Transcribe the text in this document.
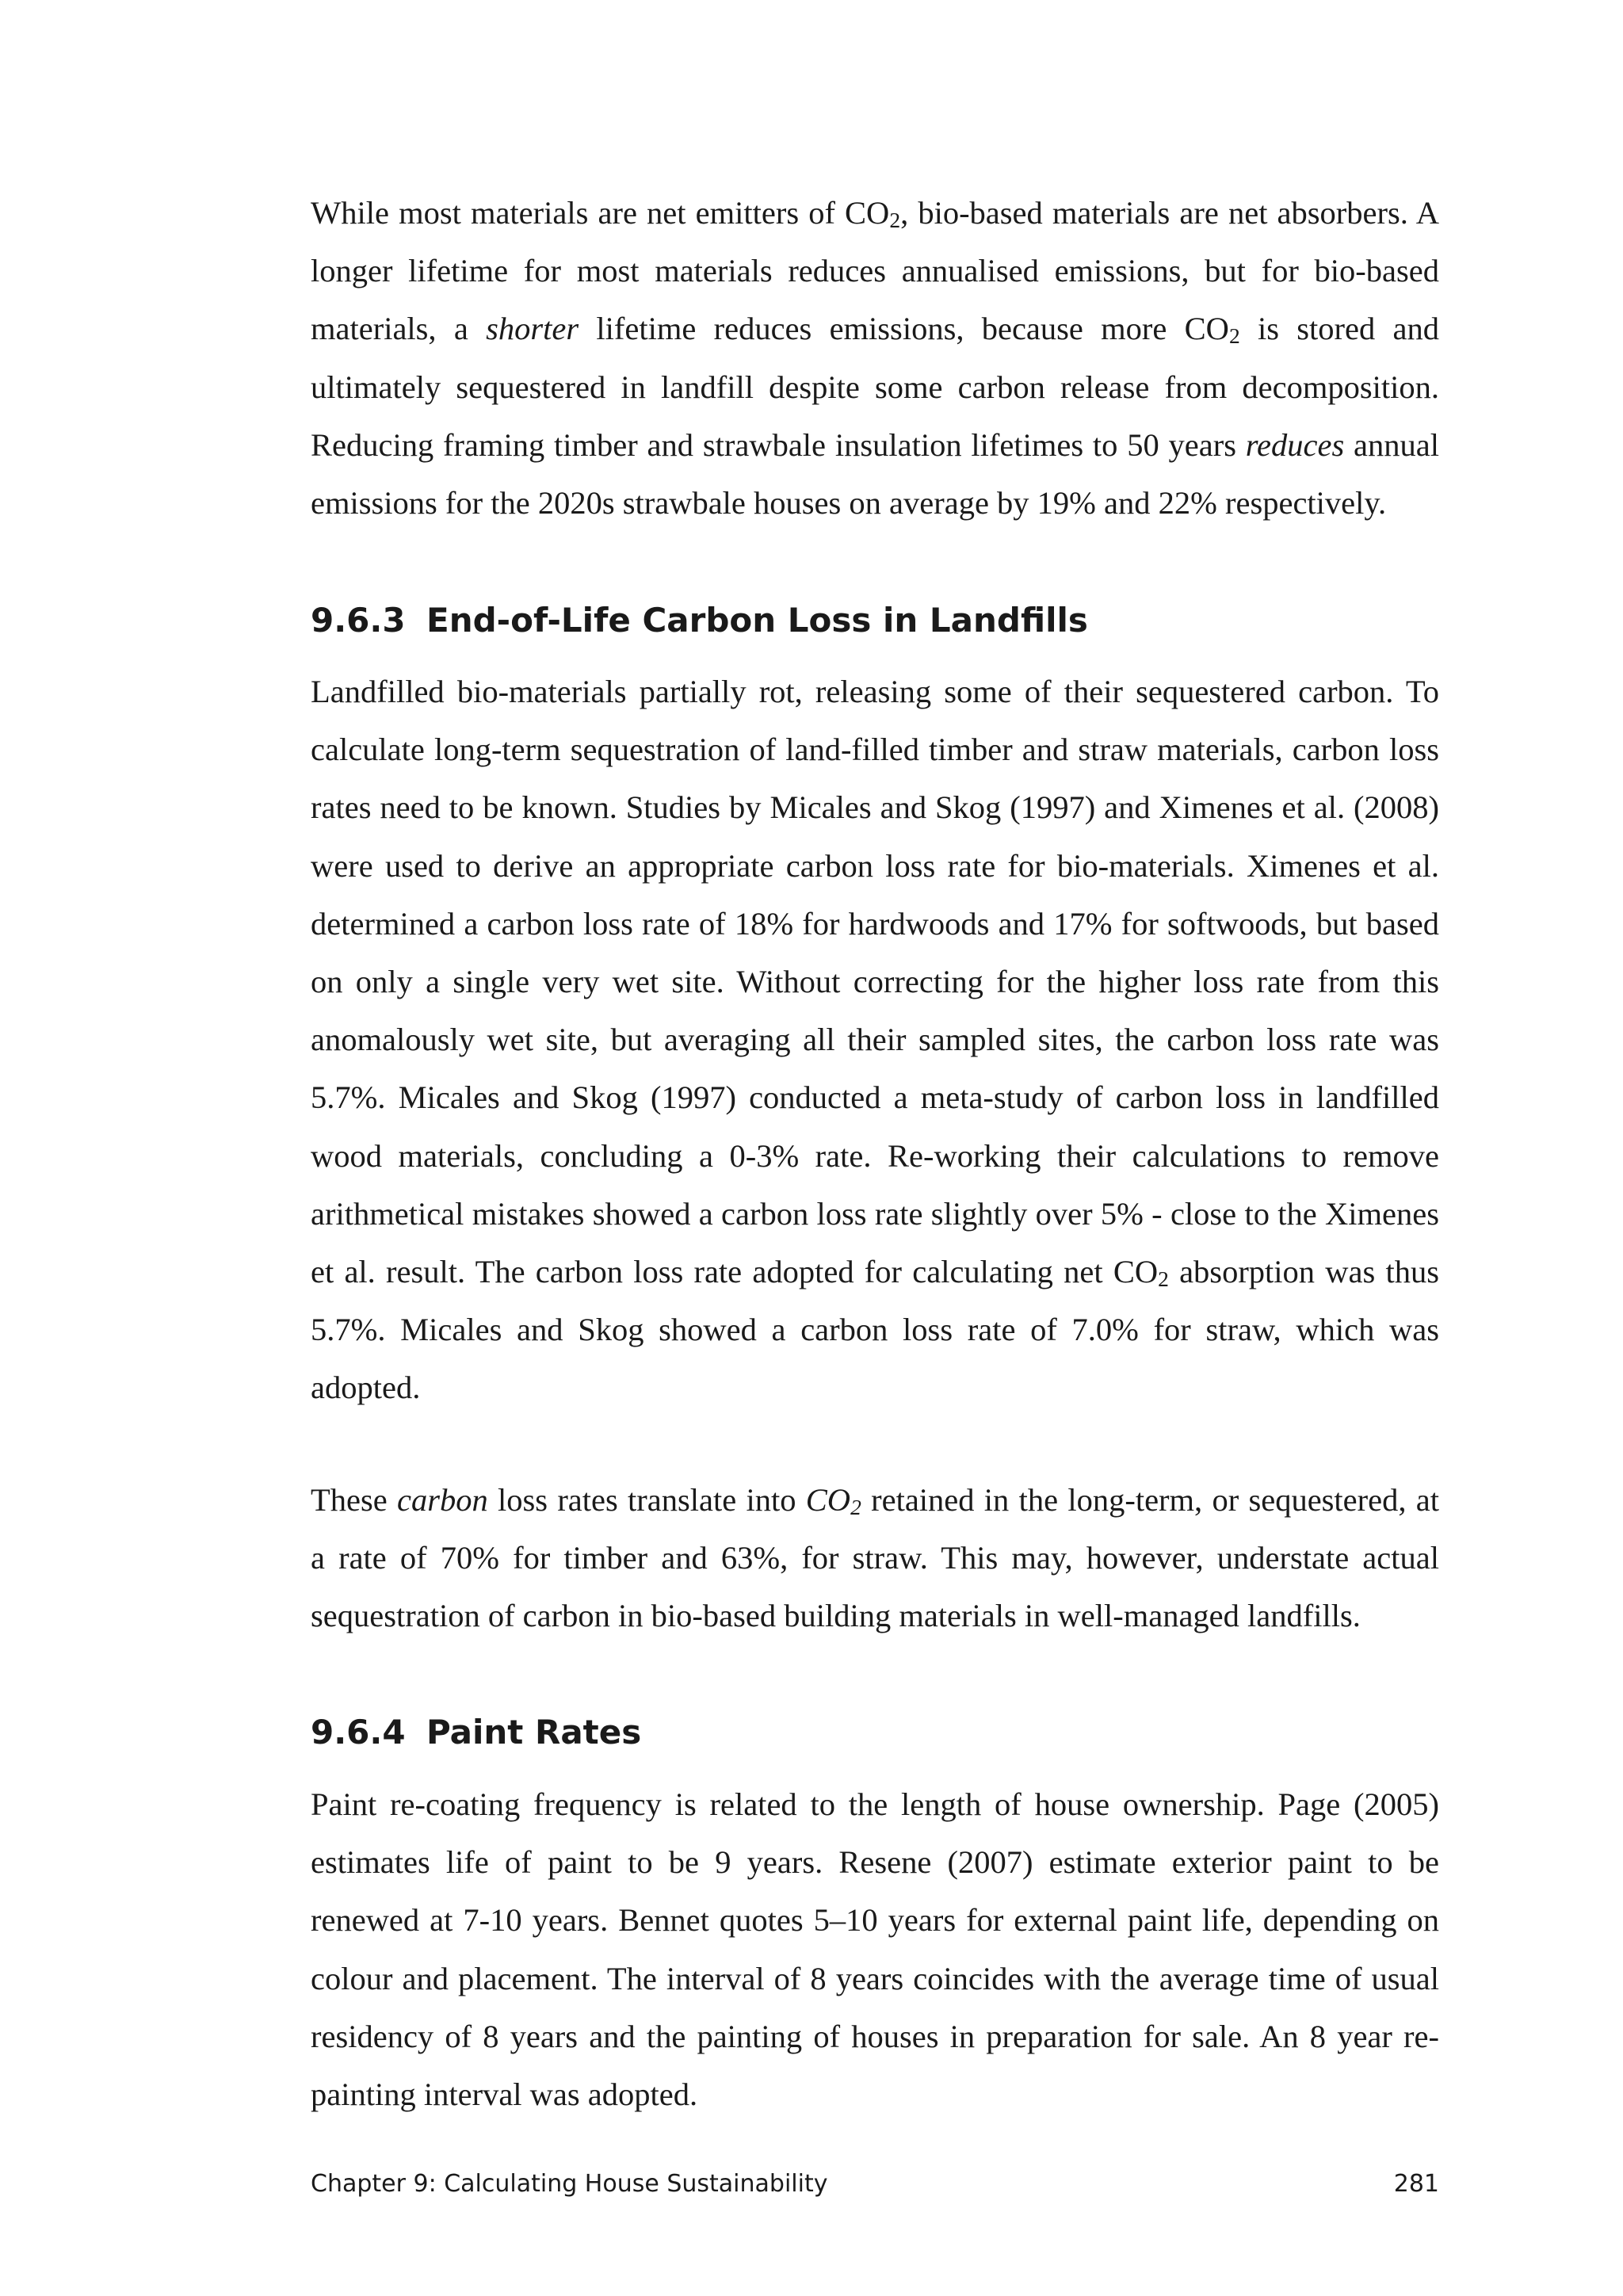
While most materials are net emitters of $CO_2$, bio-based materials are net absorbers. A longer lifetime for most materials reduces annualised emissions, but for bio-based materials, a shorter lifetime reduces emissions, because more $CO_2$ is stored and ultimately sequestered in landfill despite some carbon release from decomposition. Reducing framing timber and strawbale insulation lifetimes to 50 years reduces annual emissions for the 2020s strawbale houses on average by 19% and 22% respectively.

9.6.3 End-of-Life Carbon Loss in Landfills

Landfilled bio-materials partially rot, releasing some of their sequestered carbon. To calculate long-term sequestration of land-filled timber and straw materials, carbon loss rates need to be known. Studies by Micales and Skog (1997) and Ximenes et al. (2008) were used to derive an appropriate carbon loss rate for bio-materials. Ximenes et al. determined a carbon loss rate of 18% for hardwoods and 17% for softwoods, but based on only a single very wet site. Without correcting for the higher loss rate from this anomalously wet site, but averaging all their sampled sites, the carbon loss rate was 5.7%. Micales and Skog (1997) conducted a meta-study of carbon loss in landfilled wood materials, concluding a 0-3% rate. Re-working their calculations to remove arithmetical mistakes showed a carbon loss rate slightly over 5% - close to the Ximenes et al. result. The carbon loss rate adopted for calculating net $CO_2$ absorption was thus 5.7%. Micales and Skog showed a carbon loss rate of 7.0% for straw, which was adopted.

These carbon loss rates translate into $CO_2$ retained in the long-term, or sequestered, at a rate of 70% for timber and 63%, for straw. This may, however, understate actual sequestration of carbon in bio-based building materials in well-managed landfills.

9.6.4 Paint Rates

Paint re-coating frequency is related to the length of house ownership. Page (2005) estimates life of paint to be 9 years. Resene (2007) estimate exterior paint to be renewed at 7-10 years. Bennet quotes 5–10 years for external paint life, depending on colour and placement. The interval of 8 years coincides with the average time of usual residency of 8 years and the painting of houses in preparation for sale. An 8 year re-painting interval was adopted.

Chapter 9: Calculating House Sustainability	281
